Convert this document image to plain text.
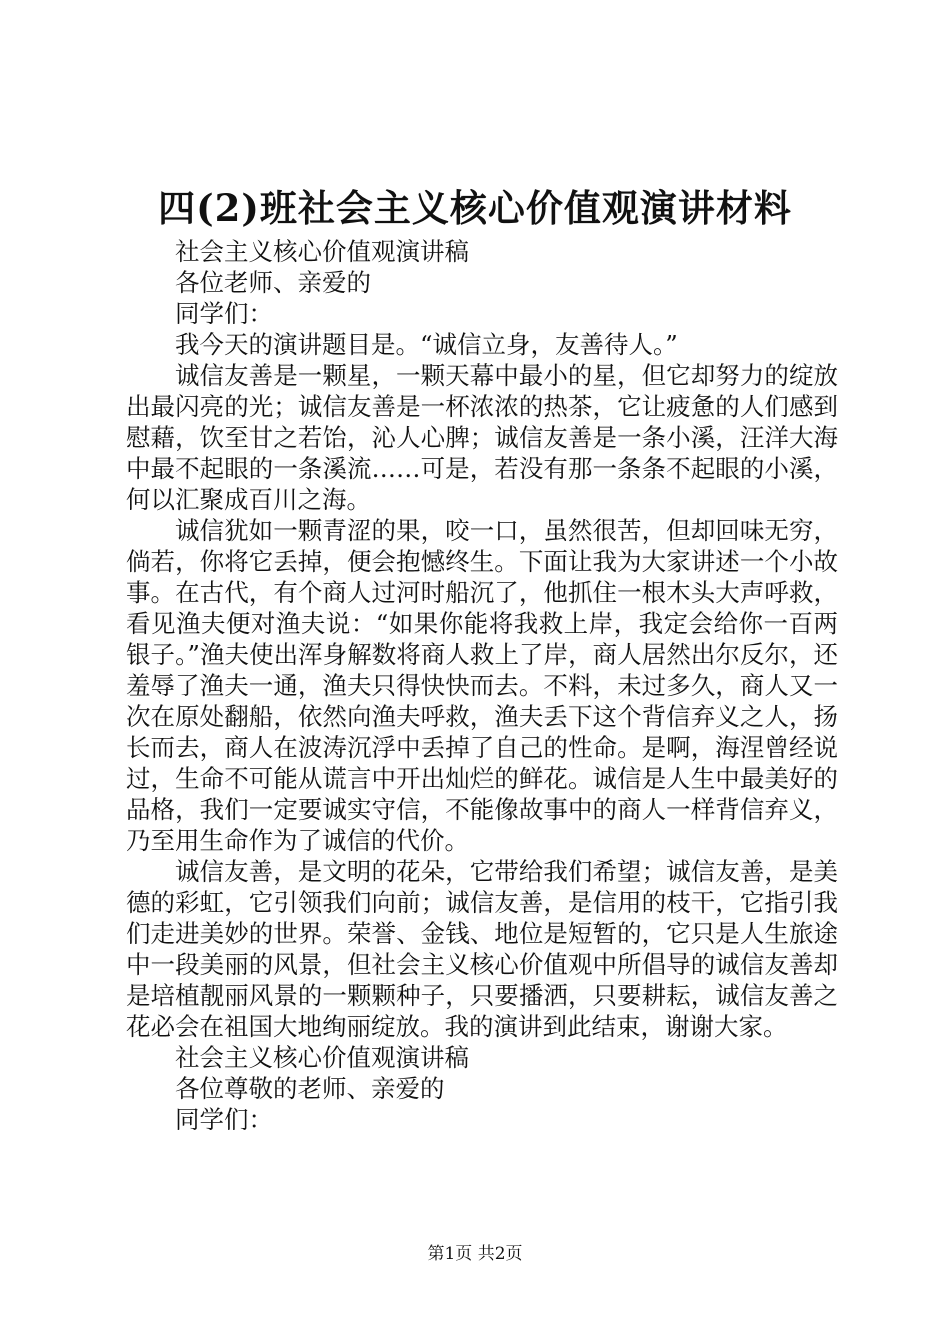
四(2)班社会主义核心价值观演讲材料

社会主义核心价值观演讲稿

各位老师、亲爱的

同学们：

我今天的演讲题目是。“诚信立身，友善待人。”

诚信友善是一颗星，一颗天幕中最小的星，但它却努力的绽放出最闪亮的光；诚信友善是一杯浓浓的热茶，它让疲惫的人们感到慰藉，饮至甘之若饴，沁人心脾；诚信友善是一条小溪，汪洋大海中最不起眼的一条溪流……可是，若没有那一条条不起眼的小溪，何以汇聚成百川之海。

诚信犹如一颗青涩的果，咬一口，虽然很苦，但却回味无穷，倘若，你将它丢掉，便会抱憾终生。下面让我为大家讲述一个小故事。在古代，有个商人过河时船沉了，他抓住一根木头大声呼救，看见渔夫便对渔夫说：“如果你能将我救上岸，我定会给你一百两银子。”渔夫使出浑身解数将商人救上了岸，商人居然出尔反尔，还羞辱了渔夫一通，渔夫只得快快而去。不料，未过多久，商人又一次在原处翻船，依然向渔夫呼救，渔夫丢下这个背信弃义之人，扬长而去，商人在波涛沉浮中丢掉了自己的性命。是啊，海涅曾经说过，生命不可能从谎言中开出灿烂的鲜花。诚信是人生中最美好的品格，我们一定要诚实守信，不能像故事中的商人一样背信弃义，乃至用生命作为了诚信的代价。

诚信友善，是文明的花朵，它带给我们希望；诚信友善，是美德的彩虹，它引领我们向前；诚信友善，是信用的枝干，它指引我们走进美妙的世界。荣誉、金钱、地位是短暂的，它只是人生旅途中一段美丽的风景，但社会主义核心价值观中所倡导的诚信友善却是培植靓丽风景的一颗颗种子，只要播洒，只要耕耘，诚信友善之花必会在祖国大地绚丽绽放。我的演讲到此结束，谢谢大家。

社会主义核心价值观演讲稿

各位尊敬的老师、亲爱的

同学们：

第1页 共2页
